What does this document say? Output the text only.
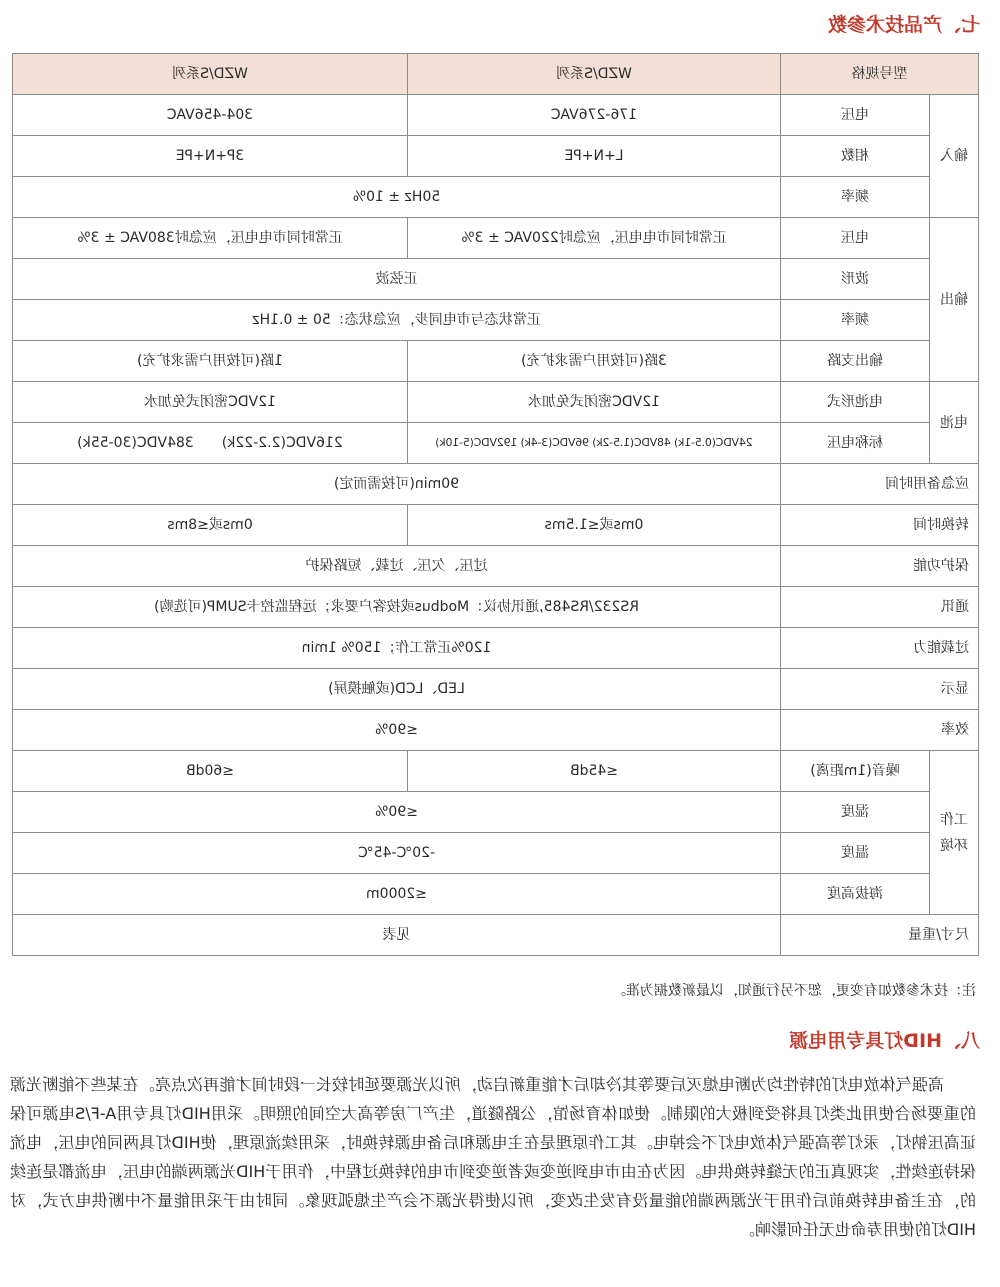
七、产品技术参数
型号规格		WZD/S系列	WZD/S系列
输入	电压	176-276VAC	304-456VAC
	相数	L+N+PE	3P+N+PE
	频率	50Hz ± 10%	
输出	电压	正常时同市电电压，应急时220VAC ± 3%	正常时同市电电压，应急时380VAC ± 3%
	波形	正弦波	
	频率	正常状态与市电同步，应急状态：50 ± 0.1Hz	
	输出支路	3路(可按用户需求扩充)	1路(可按用户需求扩充)
电池	电池形式	12VDC密闭式免加水	12VDC密闭式免加水
	标称电压	24VDC(0.5-1k) 48VDC(1.5-2k) 96VDC(3-4k) 192VDC(5-10k)	216VDC(2.2-22k)　　384VDC(30-55k)
应急备用时间		90min(可按需而定)	
转换时间		0ms或≤1.5ms	0ms或≤8ms
保护功能		过压、欠压、过载、短路保护	
通讯		RS232/RS485,通讯协议：Modbus或按客户要求；远程监控卡SUMP(可选购)	
过载能力		120%正常工作；150% 1min	
显示		LED、LCD(或触摸屏)	
效率		≤90%	
工作
环境	噪音(1m距离)	≤45dB	≤60dB
	湿度	≤90%	
	温度	-20℃-45℃	
	海拔高度	≤2000m	
尺寸/重量		见表	
注：技术参数如有变更，恕不另行通知，以最新数据为准。
八、HID灯具专用电源

高强气体放电灯的特性均为断电熄灭后要等其冷却后才能重新启动，所以光源要延时较长一段时间才能再次点亮。在某些不能断光源的重要场合使用此类灯具将受到极大的限制。使如体育场馆，公路隧道，生产厂房等高大空间的照明。采用HID灯具专用A-F/S电源可保证高压钠灯，汞灯等高强气体放电灯不会掉电。其工作原理是在主电源和后备电源转换时，采用续流原理，使HID灯具两同的电压，电流保持连续性，实现真正的无缝转换供电。因为在由市电到逆变或者逆变到市电的转换过程中，作用于HID光源两端的电压，电流都是连续的，在主备电转换前后作用于光源两端的能量没有发生改变，所以使得光源不会产生熄弧现象。同时由于采用能量不中断供电方式，对HID灯的使用寿命也无任何影响。
